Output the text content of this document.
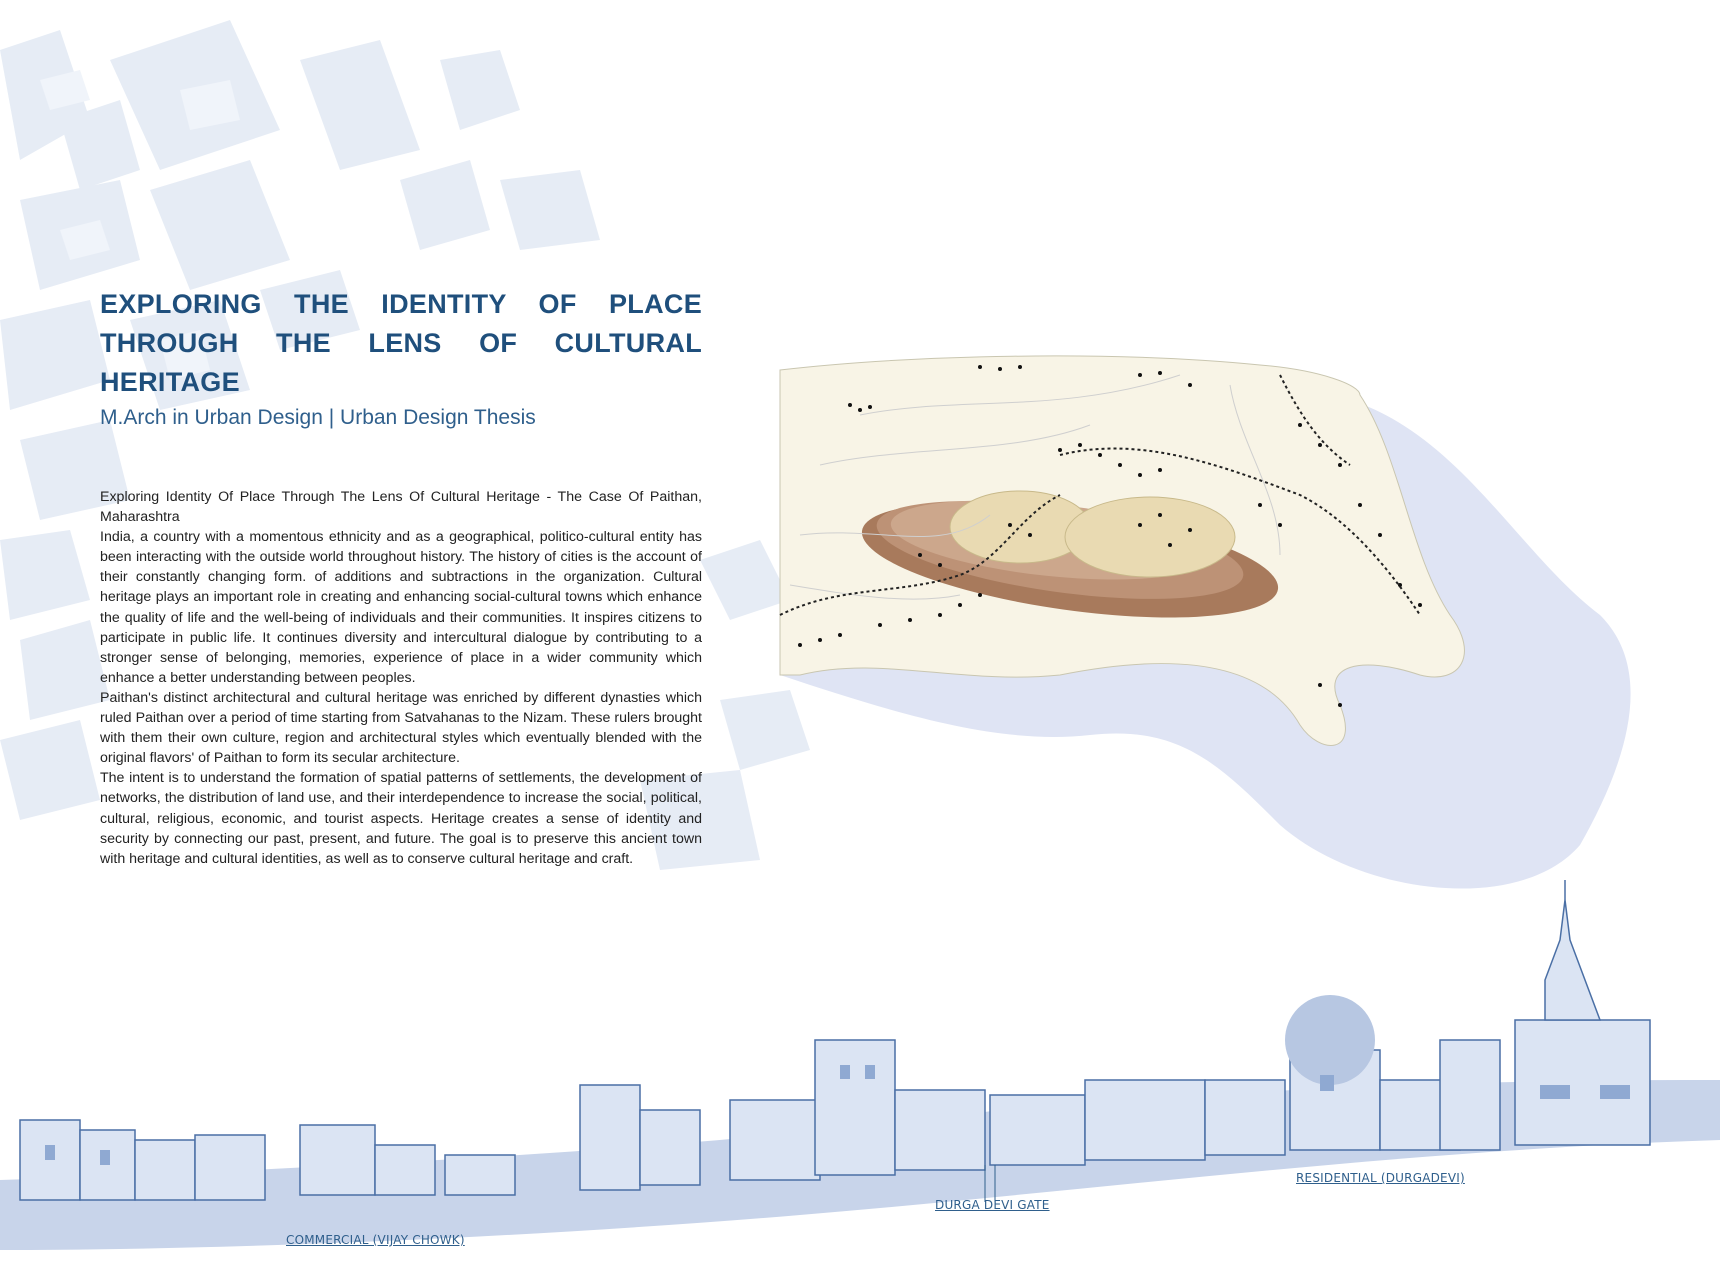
EXPLORING THE IDENTITY OF PLACE
THROUGH THE LENS OF CULTURAL HERITAGE

M.Arch in Urban Design | Urban Design Thesis

Exploring Identity Of Place Through The Lens Of Cultural Heritage - The Case Of Paithan, Maharashtra

India, a country with a momentous ethnicity and as a geographical, politico-cultural entity has been interacting with the outside world throughout history. The history of cities is the account of their constantly changing form. of additions and subtractions in the organization. Cultural heritage plays an important role in creating and enhancing social-cultural towns which enhance the quality of life and the well-being of individuals and their communities. It inspires citizens to participate in public life. It continues diversity and intercultural dialogue by contributing to a stronger sense of belonging, memories, experience of place in a wider community which enhance a better understanding between peoples.

Paithan's distinct architectural and cultural heritage was enriched by different dynasties which ruled Paithan over a period of time starting from Satvahanas to the Nizam. These rulers brought with them their own culture, region and architectural styles which eventually blended with the original flavors' of Paithan to form its secular architecture.

The intent is to understand the formation of spatial patterns of settlements, the development of networks, the distribution of land use, and their interdependence to increase the social, political, cultural, religious, economic, and tourist aspects. Heritage creates a sense of identity and security by connecting our past, present, and future. The goal is to preserve this ancient town with heritage and cultural identities, as well as to conserve cultural heritage and craft.

COMMERCIAL (VIJAY CHOWK)
DURGA DEVI GATE
RESIDENTIAL (DURGADEVI)
